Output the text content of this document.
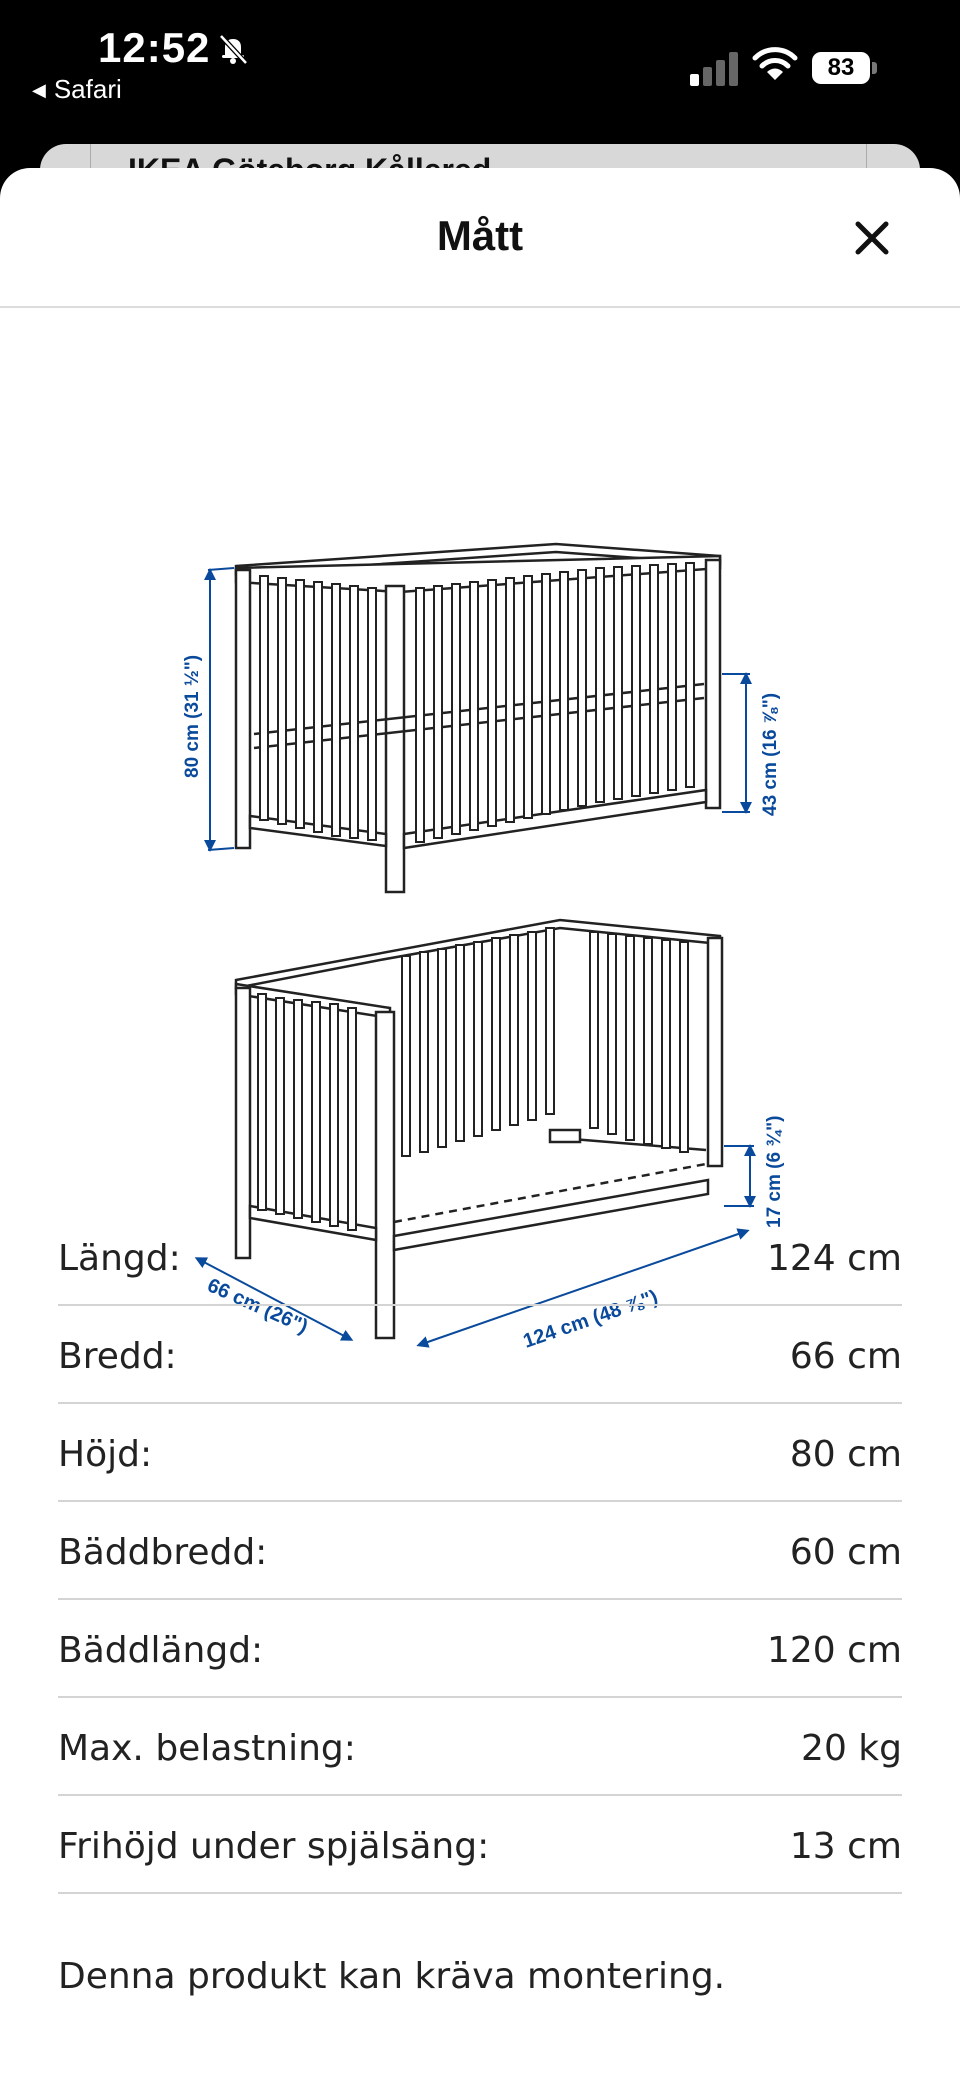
12:52
◀ Safari
83
Mått
80 cm (31 ½")	43 cm (16 ⅞")
17 cm (6 ¾")
66 cm (26")	124 cm (48 ⅞")
Längd:	124 cm
Bredd:	66 cm
Höjd:	80 cm
Bäddbredd:	60 cm
Bäddlängd:	120 cm
Max. belastning:	20 kg
Frihöjd under spjälsäng:	13 cm
Denna produkt kan kräva montering.
